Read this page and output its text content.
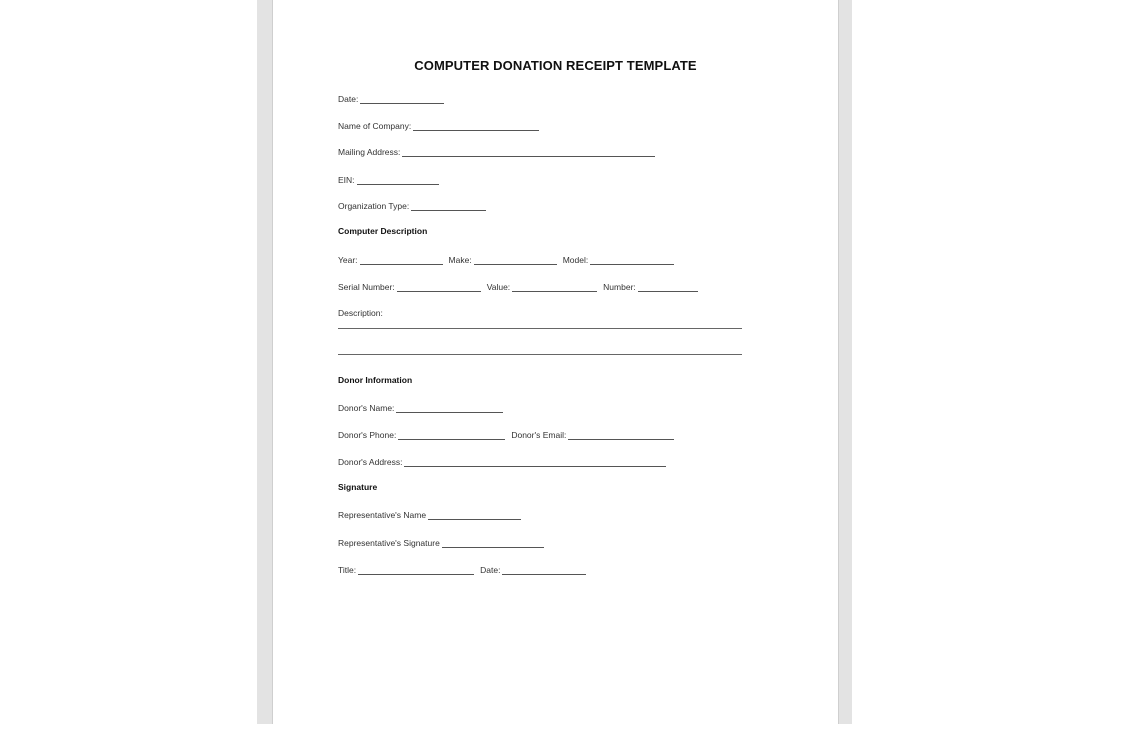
COMPUTER DONATION RECEIPT TEMPLATE
Date:
Name of Company:
Mailing Address:
EIN:
Organization Type:
Computer Description
Year:	Make:	Model:
Serial Number:	Value:	Number:
Description:
Donor Information
Donor's Name:
Donor's Phone:	Donor's Email:
Donor's Address:
Signature
Representative's Name
Representative's Signature
Title:	Date:
